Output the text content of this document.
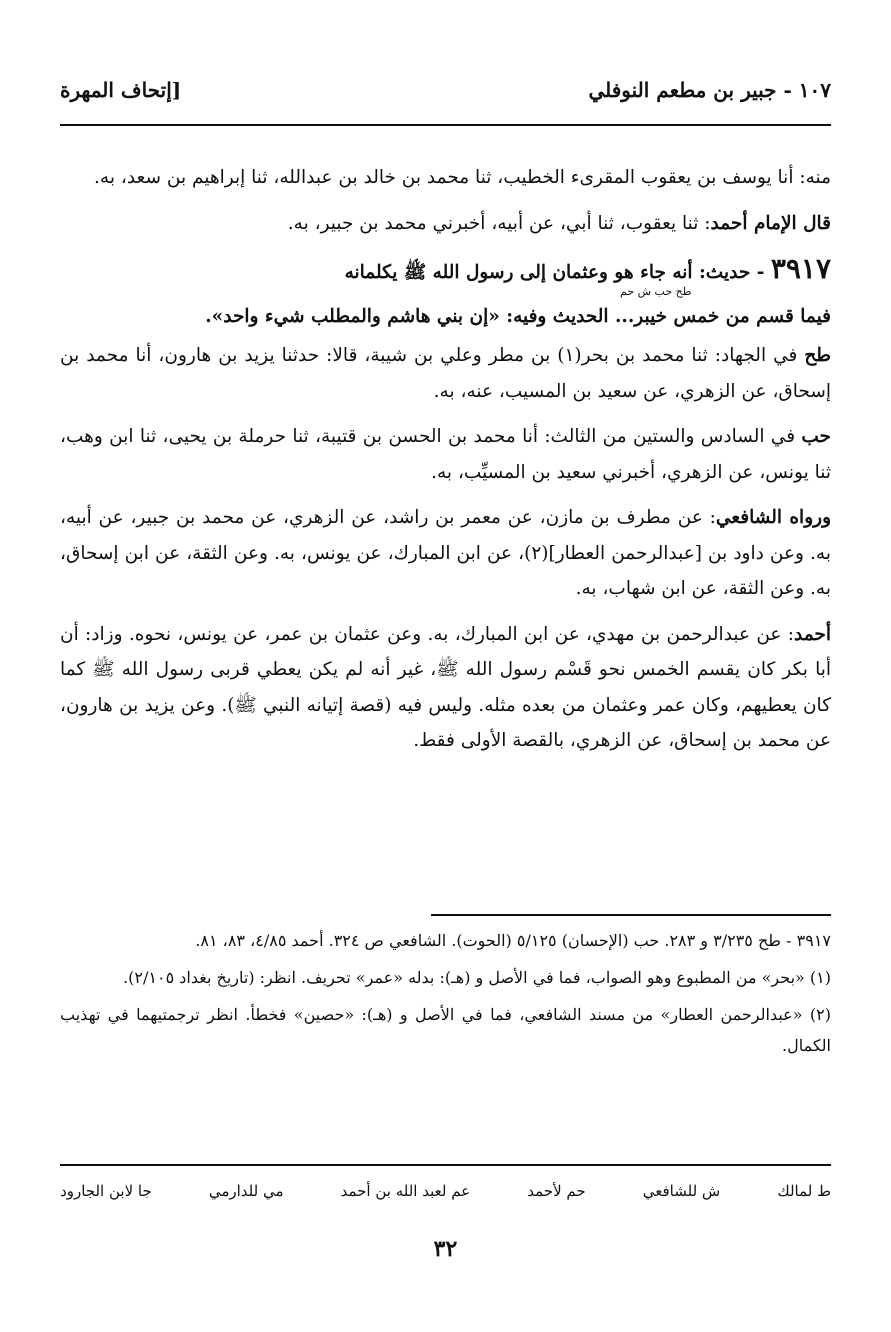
١٠٧ - جبير بن مطعم النوفلي
[إتحاف المهرة

منه: أنا يوسف بن يعقوب المقرىء الخطيب، ثنا محمد بن خالد بن عبدالله، ثنا إبراهيم بن سعد، به.

قال الإمام أحمد: ثنا يعقوب، ثنا أبي، عن أبيه، أخبرني محمد بن جبير، به.

٣٩١٧ - حديث: أنه جاء هو وعثمان إلى رسول الله ﷺ يكلمانه
طح حب ش حم
فيما قسم من خمس خيبر... الحديث وفيه: «إن بني هاشم والمطلب شيء واحد».

طح في الجهاد: ثنا محمد بن بحر(١) بن مطر وعلي بن شيبة، قالا: حدثنا يزيد بن هارون، أنا محمد بن إسحاق، عن الزهري، عن سعيد بن المسيب، عنه، به.

حب في السادس والستين من الثالث: أنا محمد بن الحسن بن قتيبة، ثنا حرملة بن يحيى، ثنا ابن وهب، ثنا يونس، عن الزهري، أخبرني سعيد بن المسيِّب، به.

ورواه الشافعي: عن مطرف بن مازن، عن معمر بن راشد، عن الزهري، عن محمد بن جبير، عن أبيه، به. وعن داود بن [عبدالرحمن العطار](٢)، عن ابن المبارك، عن يونس، به. وعن الثقة، عن ابن إسحاق، به. وعن الثقة، عن ابن شهاب، به.

أحمد: عن عبدالرحمن بن مهدي، عن ابن المبارك، به. وعن عثمان بن عمر، عن يونس، نحوه. وزاد: أن أبا بكر كان يقسم الخمس نحو قَسْم رسول الله ﷺ، غير أنه لم يكن يعطي قربى رسول الله ﷺ كما كان يعطيهم، وكان عمر وعثمان من بعده مثله. وليس فيه (قصة إتيانه النبي ﷺ). وعن يزيد بن هارون، عن محمد بن إسحاق، عن الزهري، بالقصة الأولى فقط.

٣٩١٧ - طح ٣/٢٣٥ و ٢٨٣. حب (الإحسان) ٥/١٢٥ (الحوت). الشافعي ص ٣٢٤. أحمد ٤/٨٥، ٨٣، ٨١.

(١) «بحر» من المطبوع وهو الصواب، فما في الأصل و (هـ): بدله «عمر» تحريف. انظر: (تاريخ بغداد ٢/١٠٥).

(٢) «عبدالرحمن العطار» من مسند الشافعي، فما في الأصل و (هـ): «حصين» فخطأ. انظر ترجمتيهما في تهذيب الكمال.

ط لمالك
ش للشافعي
حم لأحمد
عم لعبد الله بن أحمد
مي للدارمي
جا لابن الجارود
٣٢
